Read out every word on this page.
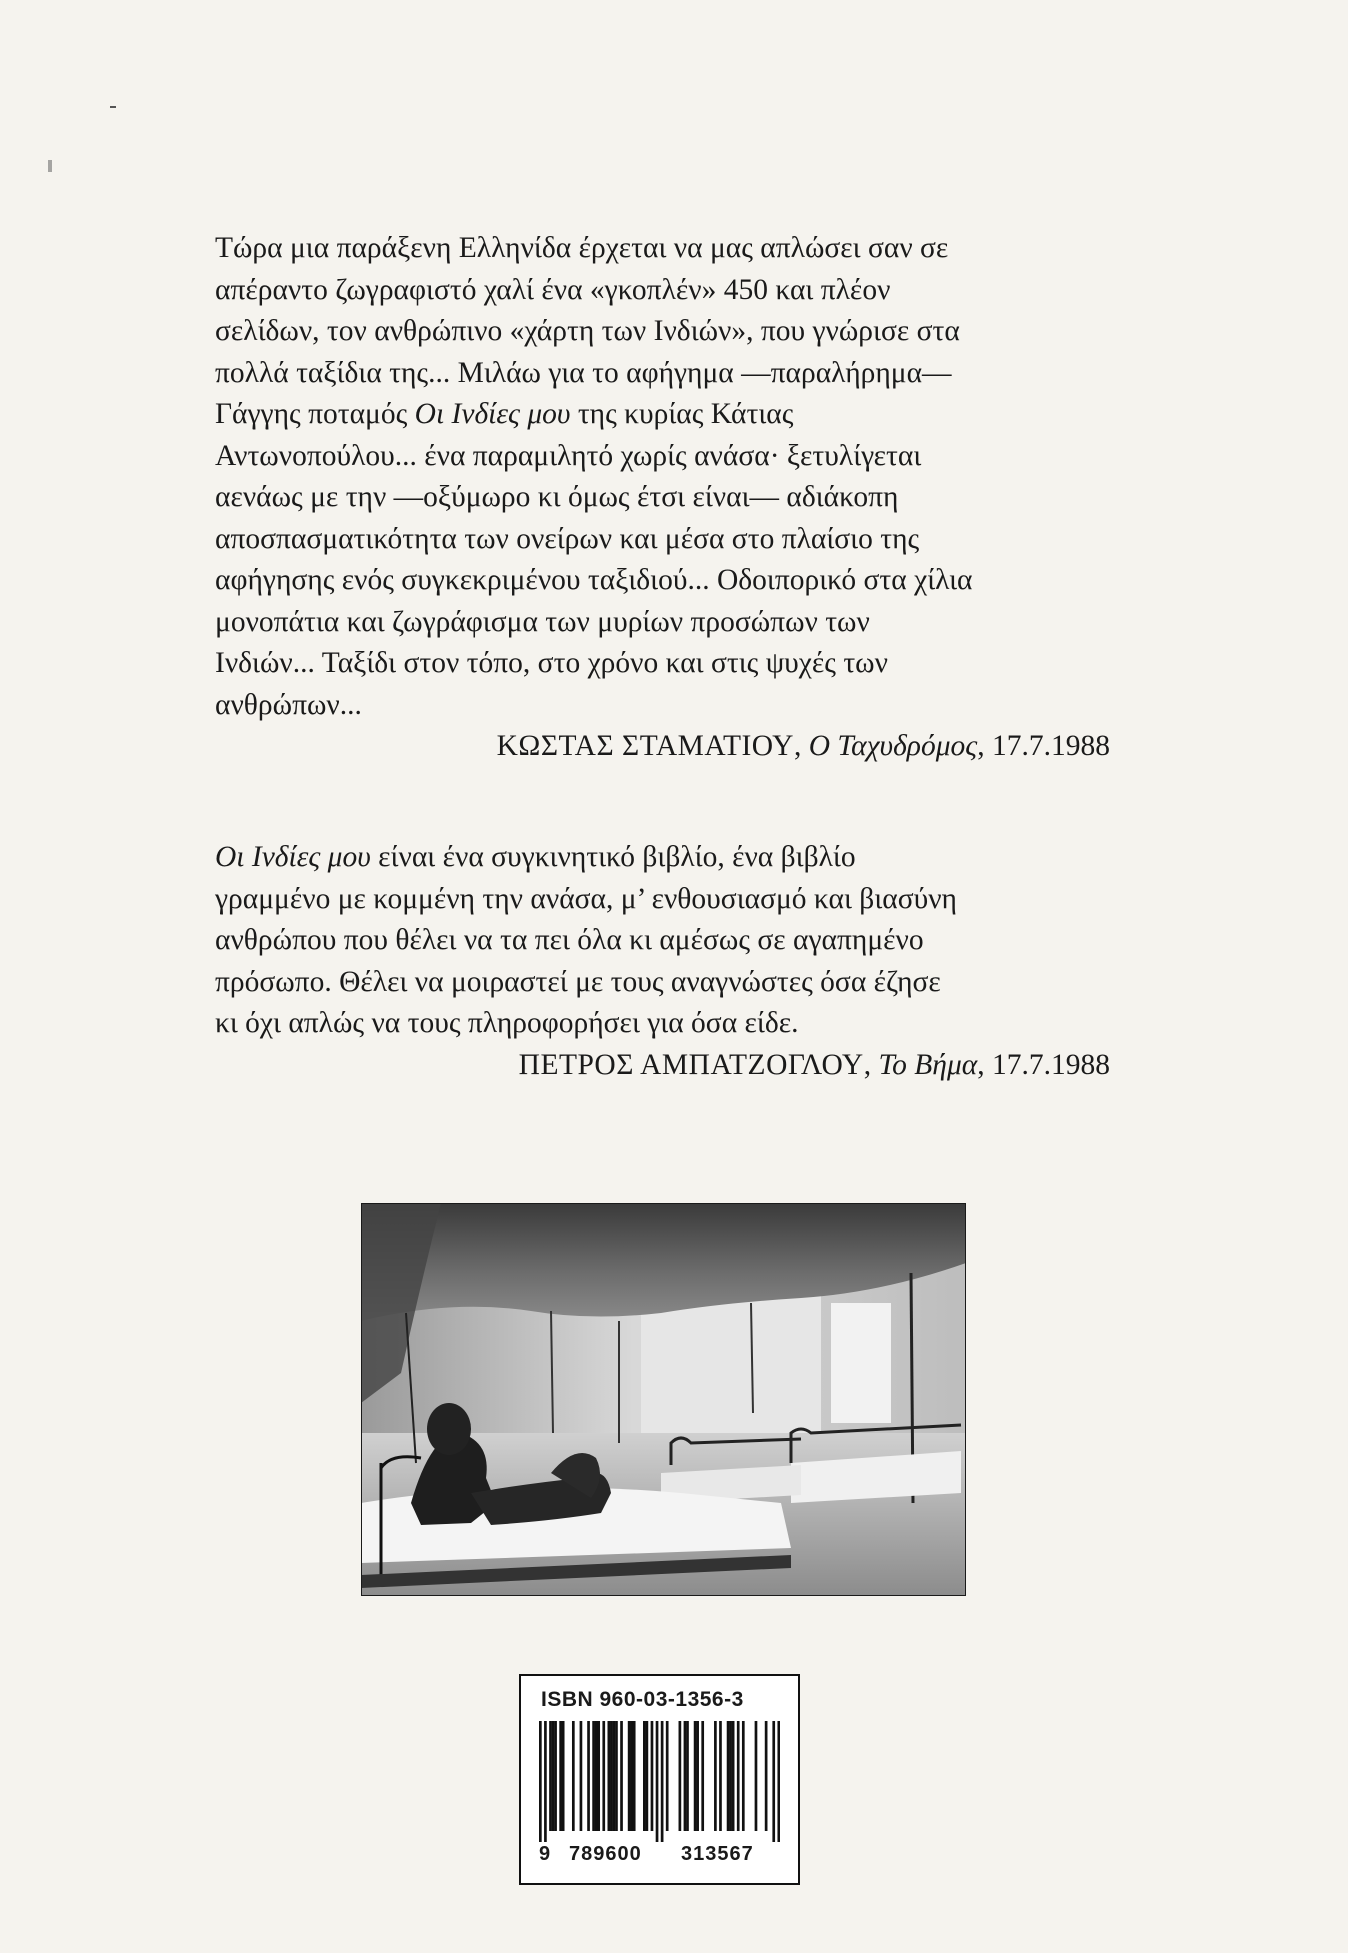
Τώρα μια παράξενη Ελληνίδα έρχεται να μας απλώσει σαν σε
απέραντο ζωγραφιστό χαλί ένα «γκοπλέν» 450 και πλέον
σελίδων, τον ανθρώπινο «χάρτη των Ινδιών», που γνώρισε στα
πολλά ταξίδια της... Μιλάω για το αφήγημα —παραλήρημα—
Γάγγης ποταμός Οι Ινδίες μου της κυρίας Κάτιας
Αντωνοπούλου... ένα παραμιλητό χωρίς ανάσα· ξετυλίγεται
αενάως με την —οξύμωρο κι όμως έτσι είναι— αδιάκοπη
αποσπασματικότητα των ονείρων και μέσα στο πλαίσιο της
αφήγησης ενός συγκεκριμένου ταξιδιού... Οδοιπορικό στα χίλια
μονοπάτια και ζωγράφισμα των μυρίων προσώπων των
Ινδιών... Ταξίδι στον τόπο, στο χρόνο και στις ψυχές των
ανθρώπων...

ΚΩΣΤΑΣ ΣΤΑΜΑΤΙΟΥ, Ο Ταχυδρόμος, 17.7.1988

Οι Ινδίες μου είναι ένα συγκινητικό βιβλίο, ένα βιβλίο
γραμμένο με κομμένη την ανάσα, μ’ ενθουσιασμό και βιασύνη
ανθρώπου που θέλει να τα πει όλα κι αμέσως σε αγαπημένο
πρόσωπο. Θέλει να μοιραστεί με τους αναγνώστες όσα έζησε
κι όχι απλώς να τους πληροφορήσει για όσα είδε.

ΠΕΤΡΟΣ ΑΜΠΑΤΖΟΓΛΟΥ, Το Βήμα, 17.7.1988
ISBN 960-03-1356-3
9 789600 313567
